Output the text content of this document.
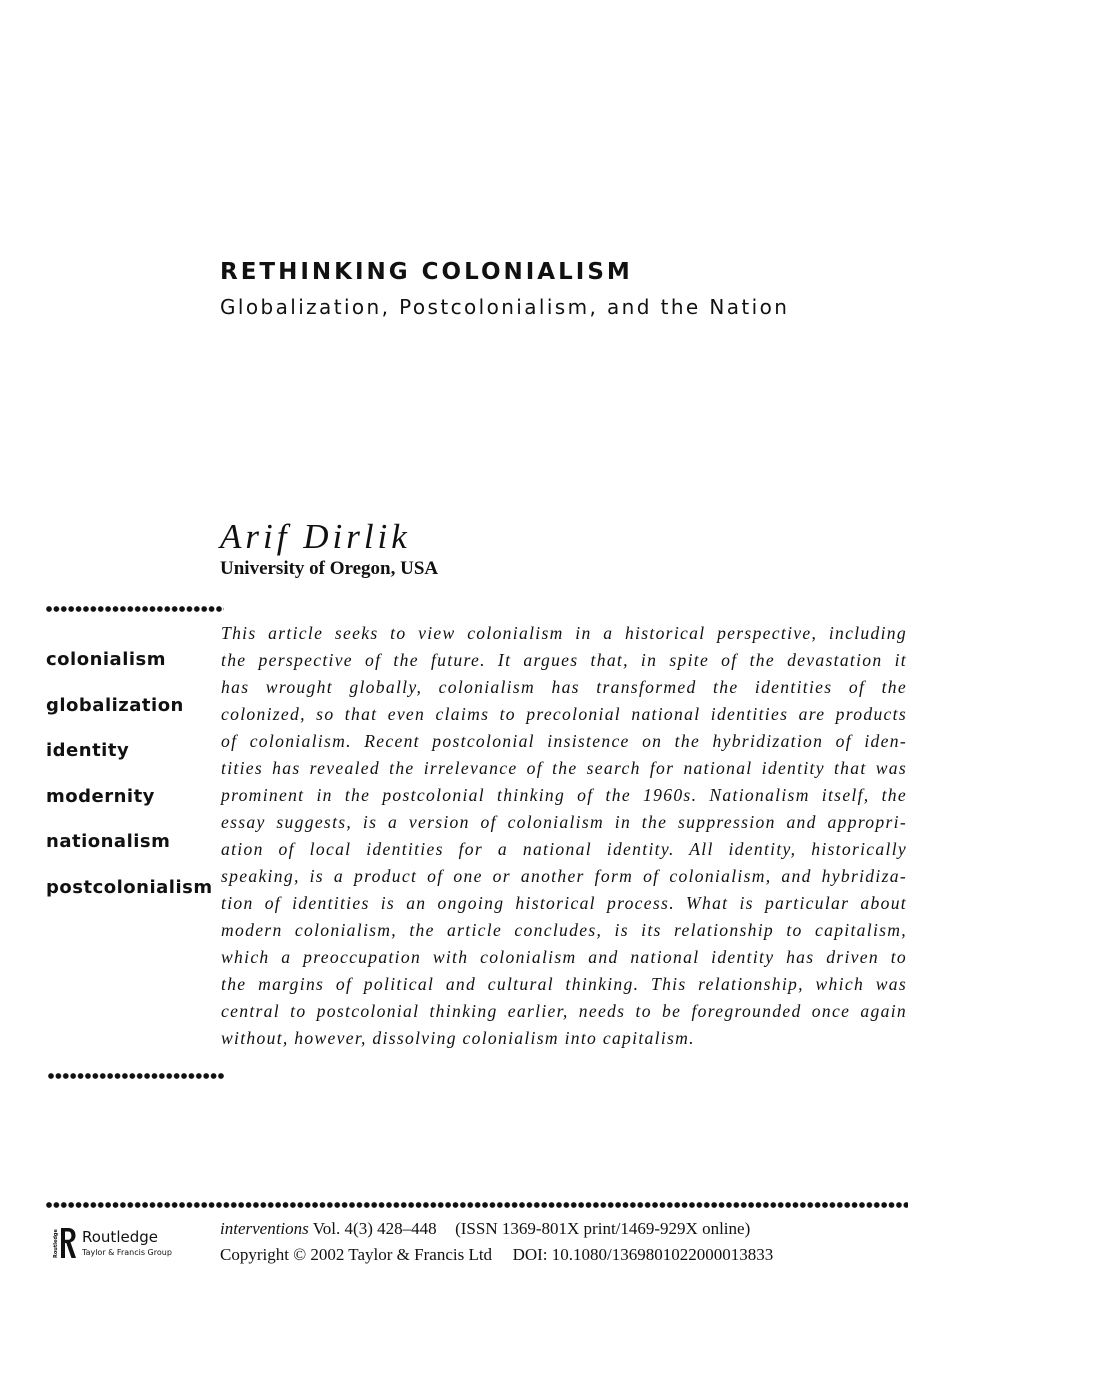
RETHINKING COLONIALISM
Globalization, Postcolonialism, and the Nation
Arif Dirlik
University of Oregon, USA
colonialism
globalization
identity
modernity
nationalism
postcolonialism
This article seeks to view colonialism in a historical perspective, including
the perspective of the future. It argues that, in spite of the devastation it
has wrought globally, colonialism has transformed the identities of the
colonized, so that even claims to precolonial national identities are products
of colonialism. Recent postcolonial insistence on the hybridization of iden-
tities has revealed the irrelevance of the search for national identity that was
prominent in the postcolonial thinking of the 1960s. Nationalism itself, the
essay suggests, is a version of colonialism in the suppression and appropri-
ation of local identities for a national identity. All identity, historically
speaking, is a product of one or another form of colonialism, and hybridiza-
tion of identities is an ongoing historical process. What is particular about
modern colonialism, the article concludes, is its relationship to capitalism,
which a preoccupation with colonialism and national identity has driven to
the margins of political and cultural thinking. This relationship, which was
central to postcolonial thinking earlier, needs to be foregrounded once again
without, however, dissolving colonialism into capitalism.
Routledge Routledge
Taylor & Francis Group
interventions Vol. 4(3) 428–448 (ISSN 1369-801X print/1469-929X online)
Copyright © 2002 Taylor & Francis Ltd DOI: 10.1080/1369801022000013833
